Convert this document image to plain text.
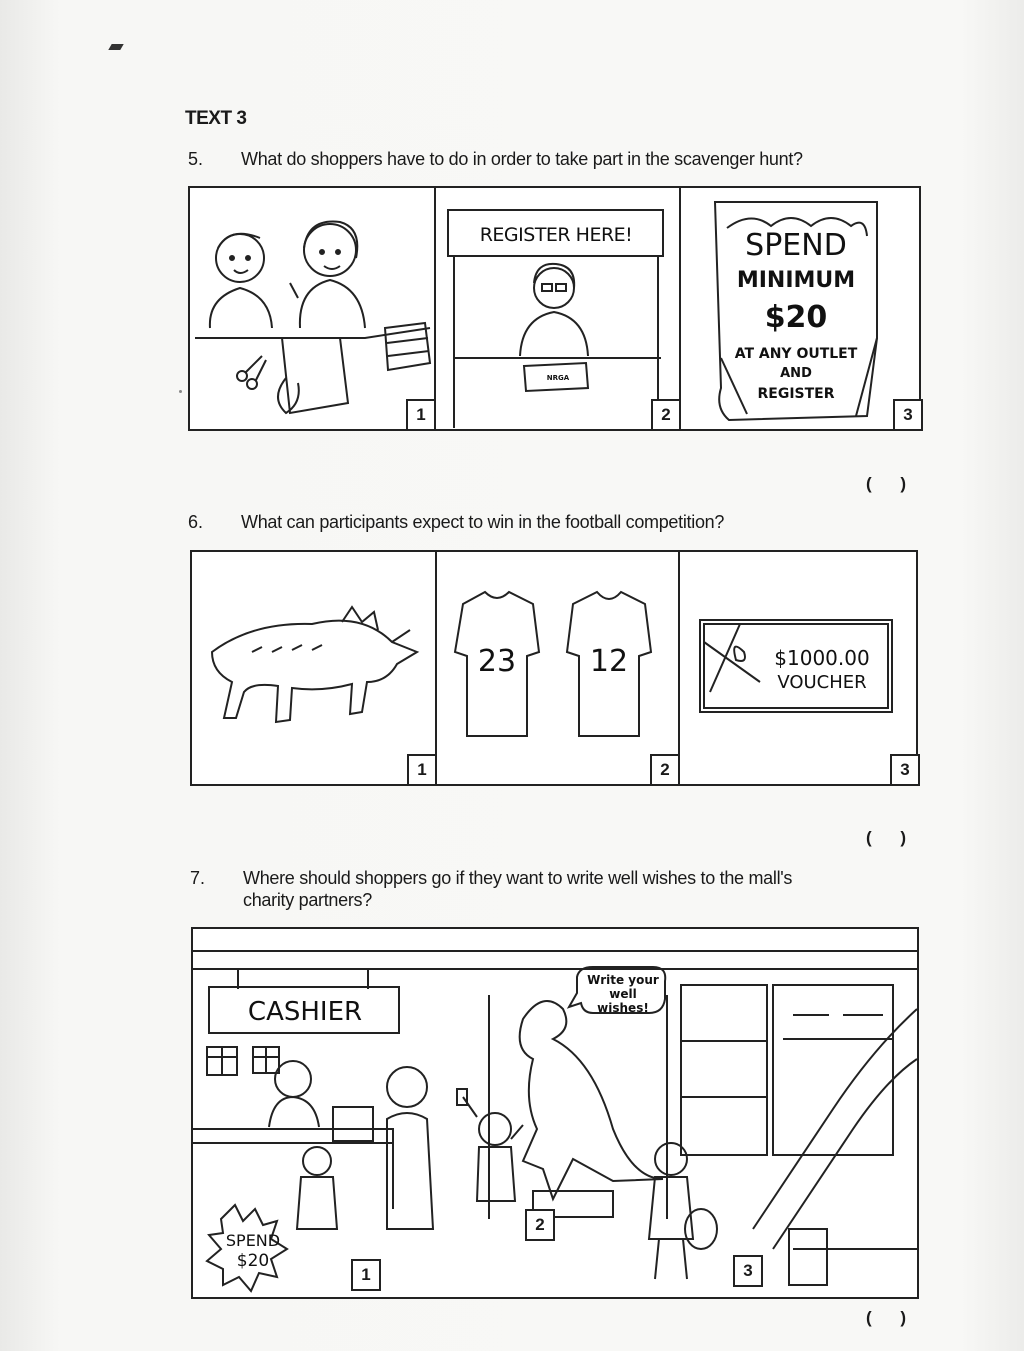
TEXT 3
5. What do shoppers have to do in order to take part in the scavenger hunt?
1
REGISTER HERE!
NRGA
2
SPEND
MINIMUM
$20
AT ANY OUTLET
AND
REGISTER
3
( )
6. What can participants expect to win in the football competition?
1
23 12
2
$1000.00
VOUCHER
3
( )
7. Where should shoppers go if they want to write well wishes to the mall's
charity partners?
CASHIER
Write your well wishes!
SPEND
$20
1
2
3
( )
